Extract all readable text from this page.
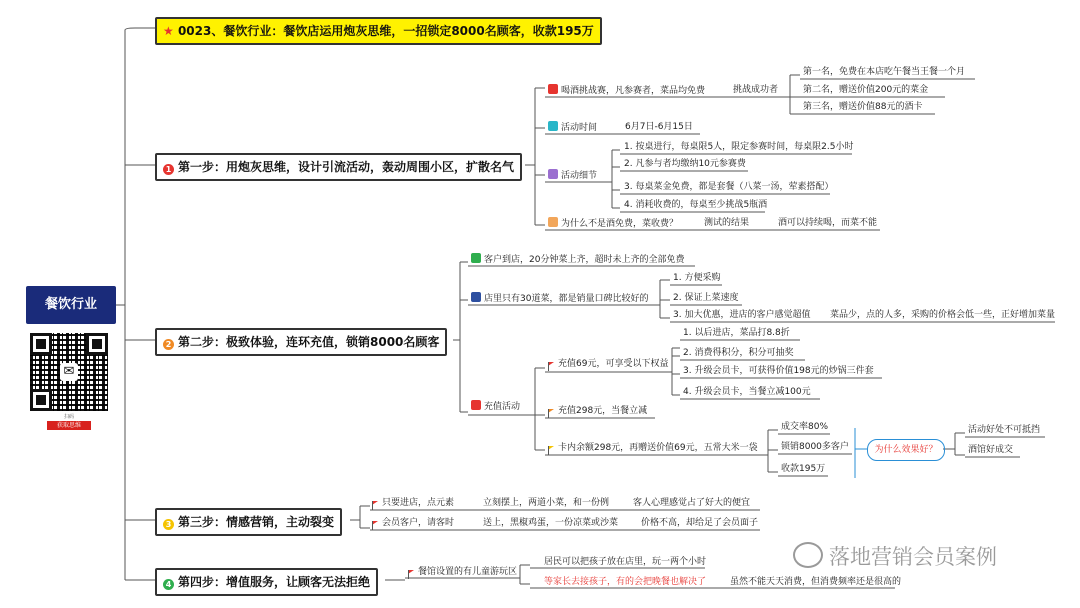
餐饮行业
✉
扫码
获取思维
★ 0023、餐饮行业：餐饮店运用炮灰思维，一招锁定8000名顾客，收款195万
1 第一步：用炮灰思维，设计引流活动，轰动周围小区，扩散名气
2 第二步：极致体验，连环充值，锁销8000名顾客
3 第三步：情感营销，主动裂变
4 第四步：增值服务，让顾客无法拒绝
喝酒挑战赛，凡参赛者，菜品均免费	挑战成功者
第一名，免费在本店吃午餐当王餐一个月
第二名，赠送价值200元的菜金
第三名，赠送价值88元的酒卡
活动时间	6月7日-6月15日
活动细节
1. 按桌进行，每桌限5人，限定参赛时间，每桌限2.5小时
2. 凡参与者均缴纳10元参赛费
3. 每桌菜金免费，都是套餐（八菜一汤，荤素搭配）
4. 消耗收费的，每桌至少挑战5瓶酒
为什么不是酒免费，菜收费？	测试的结果	酒可以持续喝，而菜不能
客户到店，20分钟菜上齐，超时未上齐的全部免费
店里只有30道菜，都是销量口碑比较好的
1. 方便采购
2. 保证上菜速度
3. 加大优惠，进店的客户感觉超值 菜品少，点的人多，采购的价格会低一些，正好增加菜量
充值活动
充值69元，可享受以下权益
1. 以后进店，菜品打8.8折
2. 消费得积分，积分可抽奖
3. 升级会员卡，可获得价值198元的炒锅三件套
4. 升级会员卡，当餐立减100元
充值298元，当餐立减
卡内余额298元，再赠送价值69元，五常大米一袋
成交率80%
锁销8000多客户
收款195万
为什么效果好？
活动好处不可抵挡
酒馆好成交
只要进店，点元素	立刻摆上，两道小菜，和一份例	客人心理感觉占了好大的便宜
会员客户，请客时	送上，黑椒鸡蛋，一份凉菜或沙菜	价格不高，却给足了会员面子
餐馆设置的有儿童游玩区
居民可以把孩子放在店里，玩一两个小时
等家长去接孩子，有的会把晚餐也解决了	虽然不能天天消费，但消费频率还是很高的
落地营销会员案例
